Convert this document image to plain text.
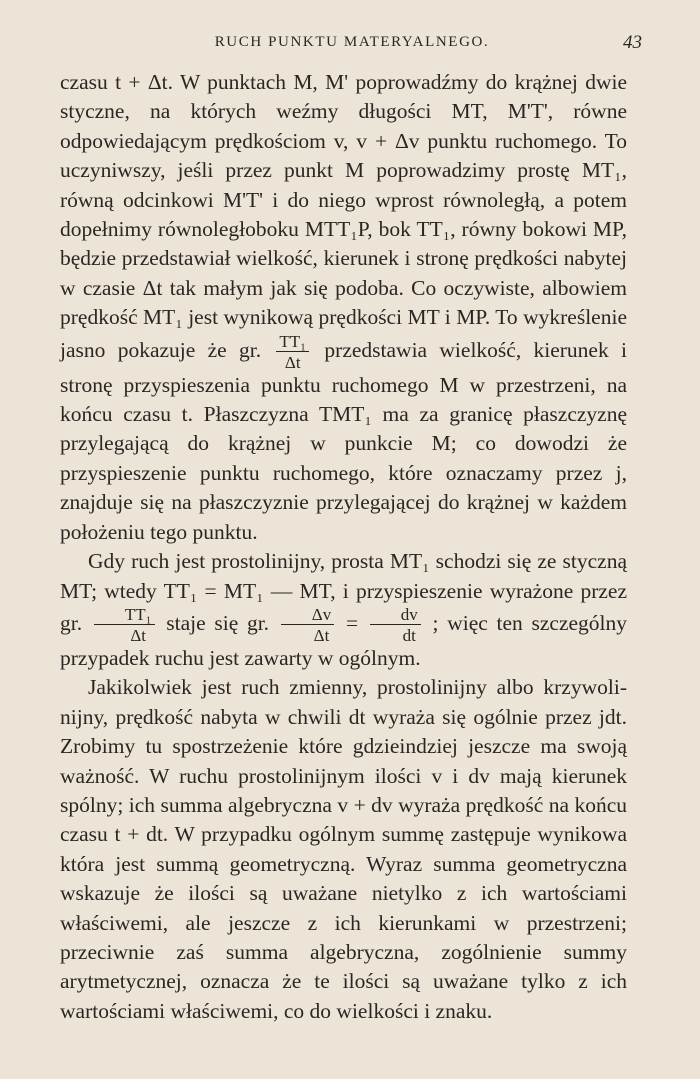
RUCH PUNKTU MATERYALNEGO.	43

czasu t + Δt. W punktach M, M' poprowadźmy do krążnej dwie styczne, na których weźmy długości MT, M'T', równe odpowiedającym prędkościom v, v + Δv punktu ruchomego. To uczyniwszy, jeśli przez punkt M poprowadzimy prostę MT₁, równą odcinkowi M'T' i do niego wprost równoległą, a potem dopełnimy równoległoboku MTT₁P, bok TT₁, równy bokowi MP, będzie przedstawiał wielkość, kierunek i stronę prędkości nabytej w czasie Δt tak małym jak się podoba. Co oczywiste, albowiem prędkość MT₁ jest wynikową prędkości MT i MP. To wykreślenie jasno pokazuje że gr. $\frac{\text{TT₁}}{\Delta t}$ przedstawia wielkość, kierunek i stronę przyspieszenia punktu ruchomego M w przestrzeni, na końcu czasu t. Płaszczyzna TMT₁ ma za granicę płaszczyznę przylegającą do krążnej w punkcie M; co dowodzi że przyspieszenie punktu ruchomego, które oznaczamy przez j, znajduje się na płaszczyznie przylegającej do krążnej w każdem położeniu tego punktu.

Gdy ruch jest prostolinijny, prosta MT₁ schodzi się ze styczną MT; wtedy TT₁ = MT₁ — MT, i przyspieszenie wyrażone przez gr. $\frac{\text{TT₁}}{\Delta t}$ staje się gr. $\frac{\Delta v}{\Delta t} = \frac{dv}{dt}$ ; więc ten szczególny przypadek ruchu jest zawarty w ogólnym.

Jakikolwiek jest ruch zmienny, prostolinijny albo krzywolinijny, prędkość nabyta w chwili dt wyraża się ogólnie przez jdt. Zrobimy tu spostrzeżenie które gdzieindziej jeszcze ma swoją ważność. W ruchu prostolinijnym ilości v i dv mają kierunek spólny; ich summa algebryczna v + dv wyraża prędkość na końcu czasu t + dt. W przypadku ogólnym summę zastępuje wynikowa która jest summą geometryczną. Wyraz summa geometryczna wskazuje że ilości są uważane nietylko z ich wartościami właściwemi, ale jeszcze z ich kierunkami w przestrzeni; przeciwnie zaś summa algebryczna, zogólnienie summy arytmetycznej, oznacza że te ilości są uważane tylko z ich wartościami właściwemi, co do wielkości i znaku.
